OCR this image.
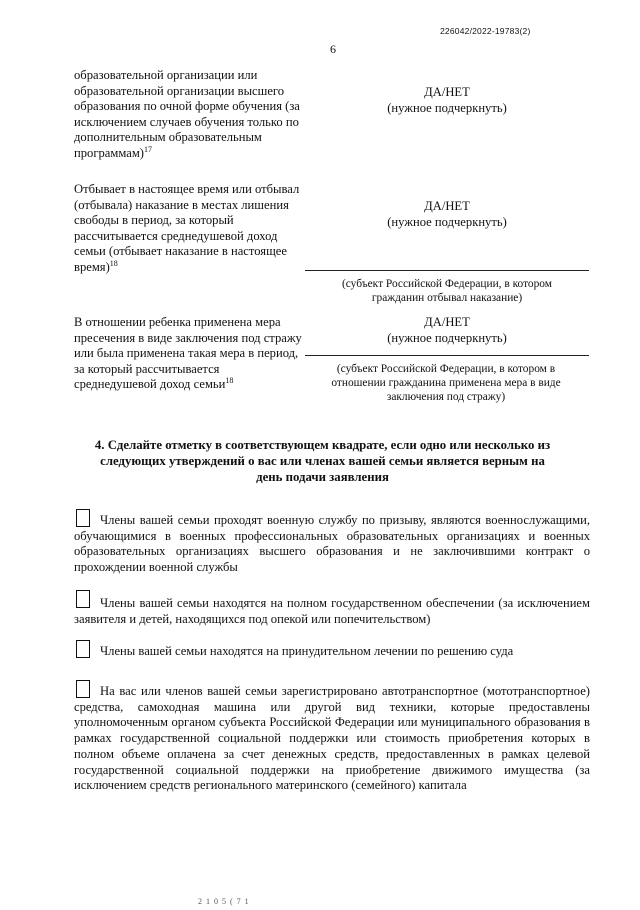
226042/2022-19783(2)
6
образовательной организации или образовательной организации высшего образования по очной форме обучения (за исключением случаев обучения только по дополнительным образовательным программам)$^{17}$
ДА/НЕТ
(нужное подчеркнуть)
Отбывает в настоящее время или отбывал (отбывала) наказание в местах лишения свободы в период, за который рассчитывается среднедушевой доход семьи (отбывает наказание в настоящее время)$^{18}$
ДА/НЕТ
(нужное подчеркнуть)
(субъект Российской Федерации, в котором гражданин отбывал наказание)
В отношении ребенка применена мера пресечения в виде заключения под стражу или была применена такая мера в период, за который рассчитывается среднедушевой доход семьи$^{18}$
ДА/НЕТ
(нужное подчеркнуть)
(субъект Российской Федерации, в котором в отношении гражданина применена мера в виде заключения под стражу)
4. Сделайте отметку в соответствующем квадрате, если одно или несколько из следующих утверждений о вас или членах вашей семьи является верным на день подачи заявления
Члены вашей семьи проходят военную службу по призыву, являются военнослужащими, обучающимися в военных профессиональных образовательных организациях и военных образовательных организациях высшего образования и не заключившими контракт о прохождении военной службы
Члены вашей семьи находятся на полном государственном обеспечении (за исключением заявителя и детей, находящихся под опекой или попечительством)
Члены вашей семьи находятся на принудительном лечении по решению суда
На вас или членов вашей семьи зарегистрировано автотранспортное (мототранспортное) средства, самоходная машина или другой вид техники, которые предоставлены уполномоченным органом субъекта Российской Федерации или муниципального образования в рамках государственной социальной поддержки или стоимость приобретения которых в полном объеме оплачена за счет денежных средств, предоставленных в рамках целевой государственной социальной поддержки на приобретение движимого имущества (за исключением средств регионального материнского (семейного) капитала
2 1 0 5 ( 7 1
